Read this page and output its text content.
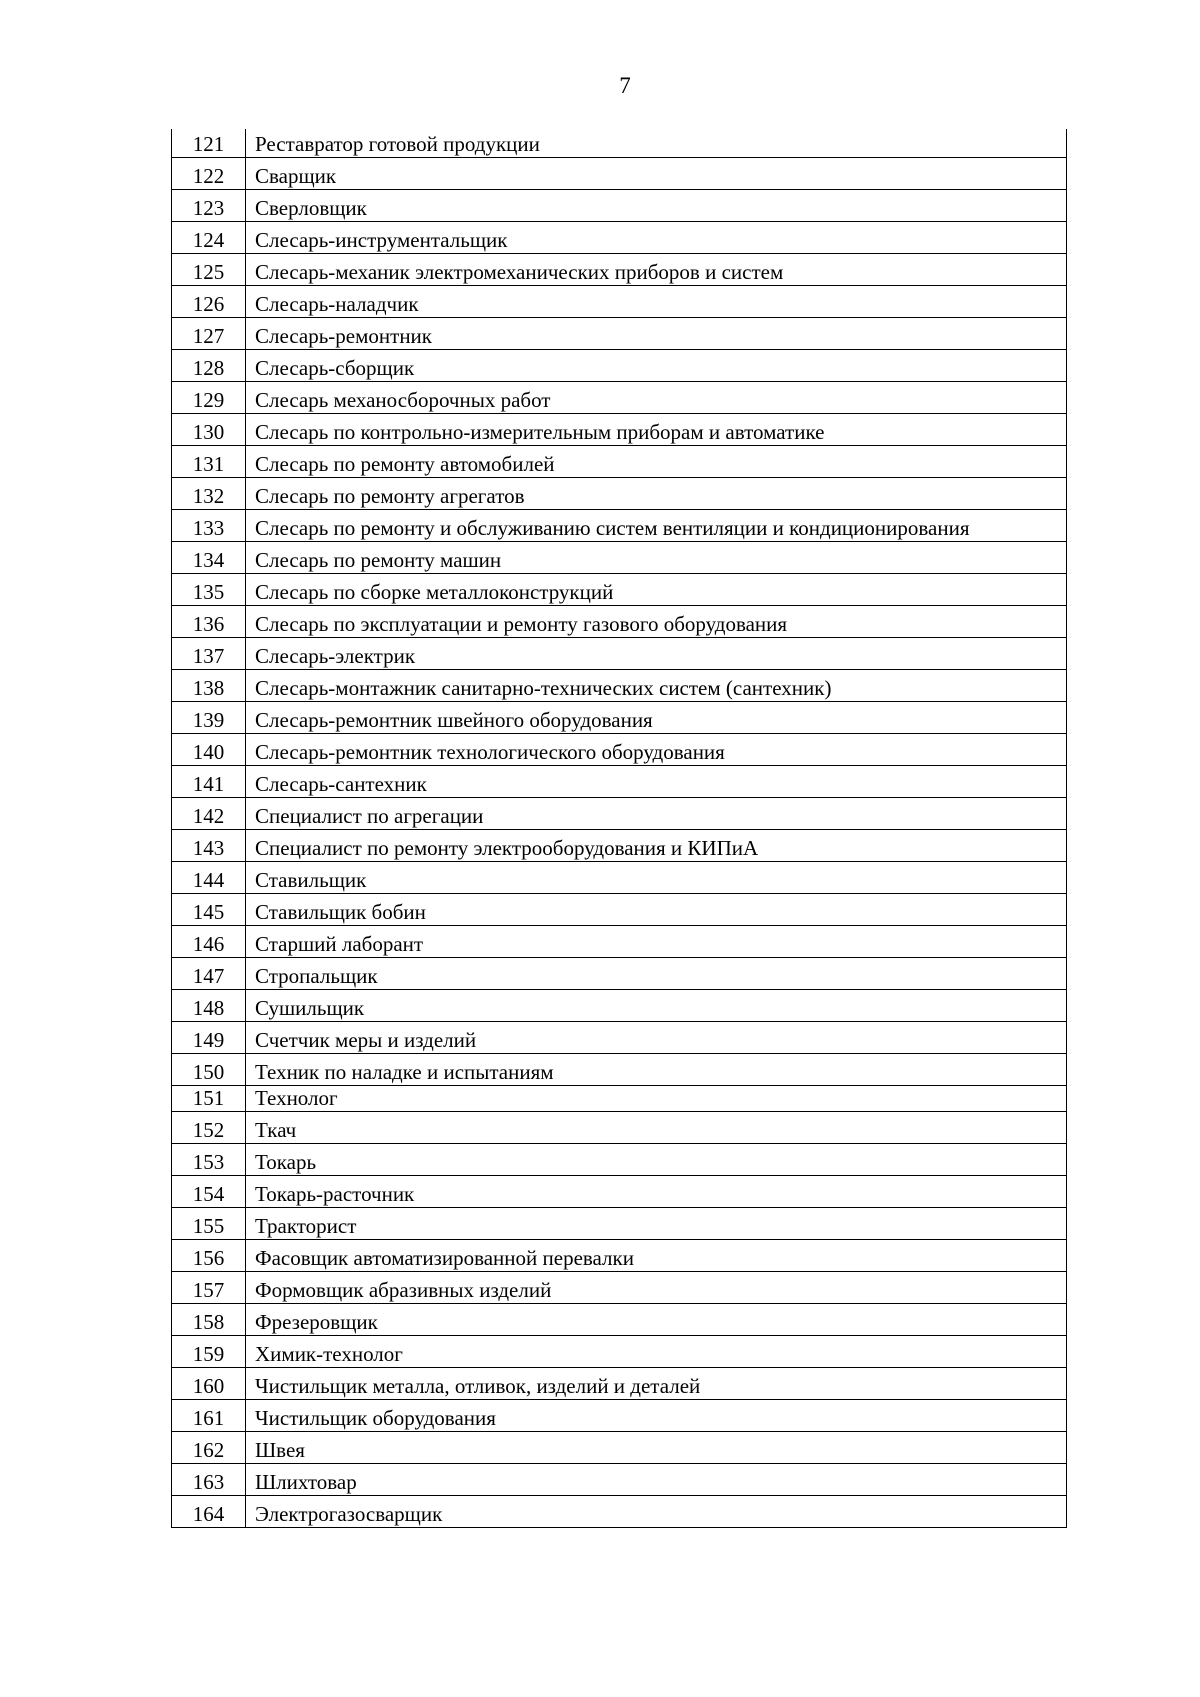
7
121	Реставратор готовой продукции
122	Сварщик
123	Сверловщик
124	Слесарь-инструментальщик
125	Слесарь-механик электромеханических приборов и систем
126	Слесарь-наладчик
127	Слесарь-ремонтник
128	Слесарь-сборщик
129	Слесарь механосборочных работ
130	Слесарь по контрольно-измерительным приборам и автоматике
131	Слесарь по ремонту автомобилей
132	Слесарь по ремонту агрегатов
133	Слесарь по ремонту и обслуживанию систем вентиляции и кондиционирования
134	Слесарь по ремонту машин
135	Слесарь по сборке металлоконструкций
136	Слесарь по эксплуатации и ремонту газового оборудования
137	Слесарь-электрик
138	Слесарь-монтажник санитарно-технических систем (сантехник)
139	Слесарь-ремонтник швейного оборудования
140	Слесарь-ремонтник технологического оборудования
141	Слесарь-сантехник
142	Специалист по агрегации
143	Специалист по ремонту электрооборудования и КИПиА
144	Ставильщик
145	Ставильщик бобин
146	Старший лаборант
147	Стропальщик
148	Сушильщик
149	Счетчик меры и изделий
150	Техник по наладке и испытаниям
151	Технолог
152	Ткач
153	Токарь
154	Токарь-расточник
155	Тракторист
156	Фасовщик автоматизированной перевалки
157	Формовщик абразивных изделий
158	Фрезеровщик
159	Химик-технолог
160	Чистильщик металла, отливок, изделий и деталей
161	Чистильщик оборудования
162	Швея
163	Шлихтовар
164	Электрогазосварщик
